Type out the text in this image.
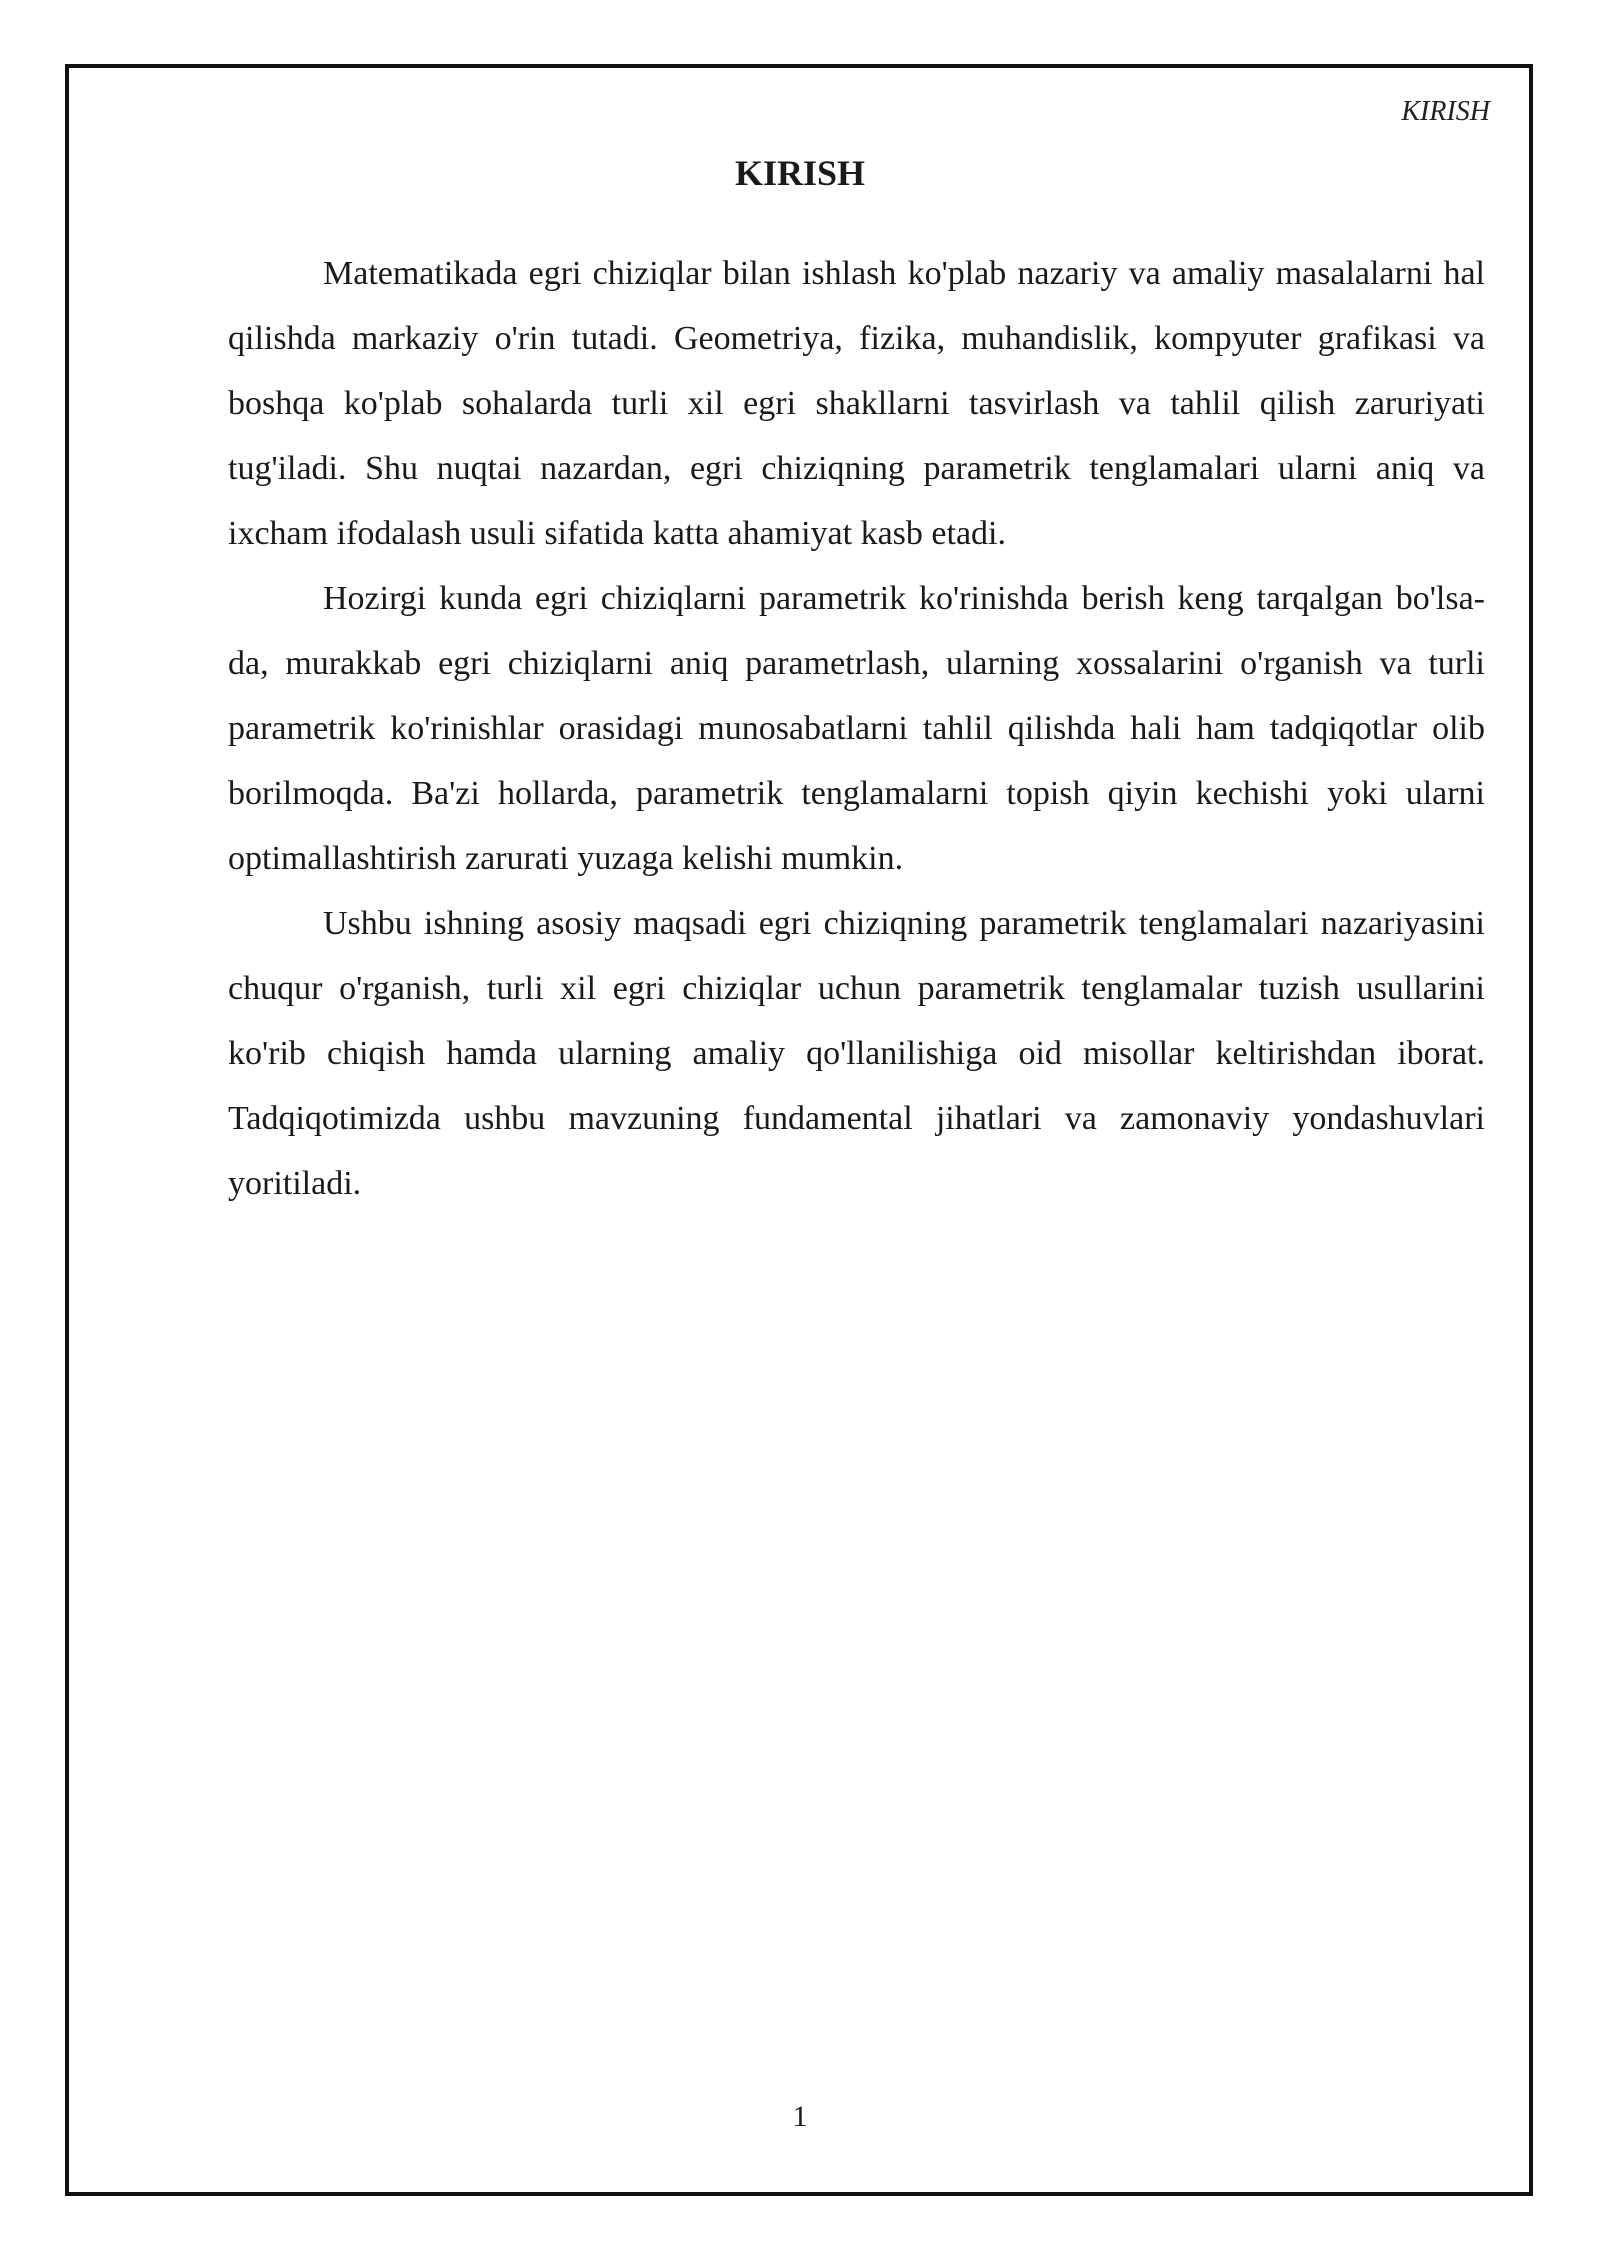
KIRISH
KIRISH

Matematikada egri chiziqlar bilan ishlash ko'plab nazariy va amaliy masalalarni hal qilishda markaziy o'rin tutadi. Geometriya, fizika, muhandislik, kompyuter grafikasi va boshqa ko'plab sohalarda turli xil egri shakllarni tasvirlash va tahlil qilish zaruriyati tug'iladi. Shu nuqtai nazardan, egri chiziqning parametrik tenglamalari ularni aniq va ixcham ifodalash usuli sifatida katta ahamiyat kasb etadi.

Hozirgi kunda egri chiziqlarni parametrik ko'rinishda berish keng tarqalgan bo'lsa-da, murakkab egri chiziqlarni aniq parametrlash, ularning xossalarini o'rganish va turli parametrik ko'rinishlar orasidagi munosabatlarni tahlil qilishda hali ham tadqiqotlar olib borilmoqda. Ba'zi hollarda, parametrik tenglamalarni topish qiyin kechishi yoki ularni optimallashtirish zarurati yuzaga kelishi mumkin.

Ushbu ishning asosiy maqsadi egri chiziqning parametrik tenglamalari nazariyasini chuqur o'rganish, turli xil egri chiziqlar uchun parametrik tenglamalar tuzish usullarini ko'rib chiqish hamda ularning amaliy qo'llanilishiga oid misollar keltirishdan iborat. Tadqiqotimizda ushbu mavzuning fundamental jihatlari va zamonaviy yondashuvlari yoritiladi.

1
